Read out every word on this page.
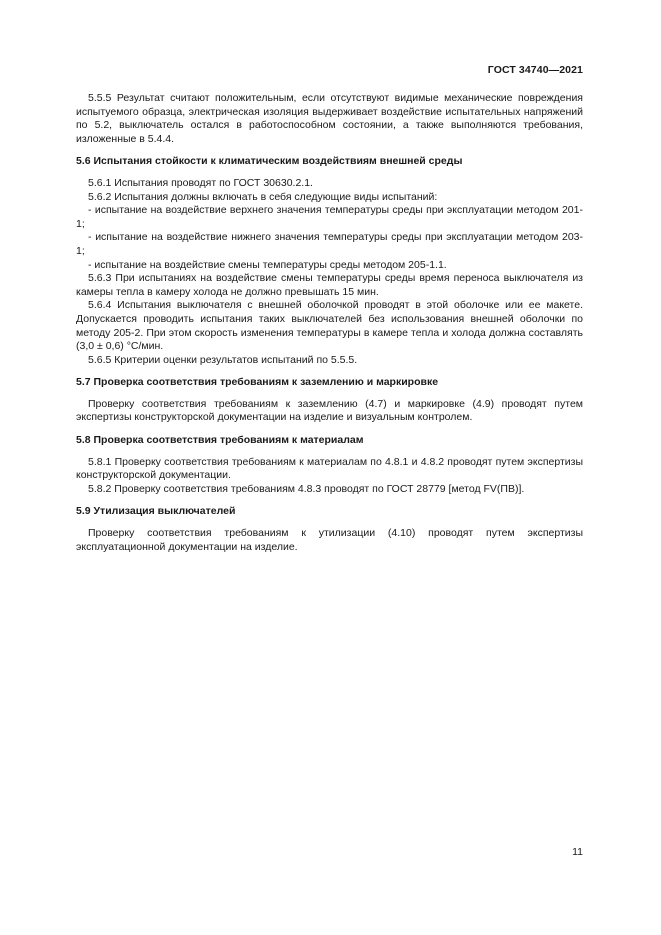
ГОСТ 34740—2021

5.5.5 Результат считают положительным, если отсутствуют видимые механические повреждения испытуемого образца, электрическая изоляция выдерживает воздействие испытательных напряжений по 5.2, выключатель остался в работоспособном состоянии, а также выполняются требования, изложенные в 5.4.4.

5.6 Испытания стойкости к климатическим воздействиям внешней среды

5.6.1 Испытания проводят по ГОСТ 30630.2.1.

5.6.2 Испытания должны включать в себя следующие виды испытаний:

- испытание на воздействие верхнего значения температуры среды при эксплуатации методом 201-1;

- испытание на воздействие нижнего значения температуры среды при эксплуатации методом 203-1;

- испытание на воздействие смены температуры среды методом 205-1.1.

5.6.3 При испытаниях на воздействие смены температуры среды время переноса выключателя из камеры тепла в камеру холода не должно превышать 15 мин.

5.6.4 Испытания выключателя с внешней оболочкой проводят в этой оболочке или ее макете. Допускается проводить испытания таких выключателей без использования внешней оболочки по методу 205-2. При этом скорость изменения температуры в камере тепла и холода должна составлять (3,0 ± 0,6) °С/мин.

5.6.5 Критерии оценки результатов испытаний по 5.5.5.

5.7 Проверка соответствия требованиям к заземлению и маркировке

Проверку соответствия требованиям к заземлению (4.7) и маркировке (4.9) проводят путем экспертизы конструкторской документации на изделие и визуальным контролем.

5.8 Проверка соответствия требованиям к материалам

5.8.1 Проверку соответствия требованиям к материалам по 4.8.1 и 4.8.2 проводят путем экспертизы конструкторской документации.

5.8.2 Проверку соответствия требованиям 4.8.3 проводят по ГОСТ 28779 [метод FV(ПВ)].

5.9 Утилизация выключателей

Проверку соответствия требованиям к утилизации (4.10) проводят путем экспертизы эксплуатационной документации на изделие.

11
